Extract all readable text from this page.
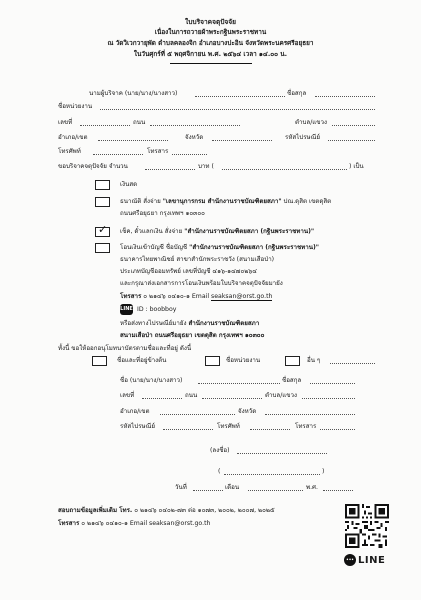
ใบบริจาคจตุปัจจัย
เนื่องในการถวายผ้าพระกฐินพระราชทาน
ณ วัดวิเวกวายุพัด ตำบลคลองจิก อำเภอบางปะอิน จังหวัดพระนครศรีอยุธยา
ในวันศุกร์ที่ ๕ พฤศจิกายน พ.ศ. ๒๕๖๔ เวลา ๑๔.๐๐ น.
นามผู้บริจาค (นาย/นาง/นางสาว)	ชื่อสกุล
ชื่อหน่วยงาน
เลขที่	ถนน	ตำบล/แขวง
อำเภอ/เขต	จังหวัด	รหัสไปรษณีย์
โทรศัพท์	โทรสาร
ขอบริจาคจตุปัจจัย จำนวน	บาท (	) เป็น
เงินสด
ธนาณัติ สั่งจ่าย "เลขานุการกรม สำนักงานราชบัณฑิตยสภา" ปณ.ดุสิต เขตดุสิต
ถนนศรีอยุธยา กรุงเทพฯ ๑๐๓๐๐
✓ เช็ค, ดั๋วแลกเงิน สั่งจ่าย "สำนักงานราชบัณฑิตยสภา (กฐินพระราชทาน)"
โอนเงินเข้าบัญชี ชื่อบัญชี "สำนักงานราชบัณฑิตยสภา (กฐินพระราชทาน)"
ธนาคารไทยพาณิชย์ สาขาสำนักพระราชวัง (สนามเสือป่า)
ประเภทบัญชีออมทรัพย์ เลขที่บัญชี ๔๑๖-๑๔๗๐๒๖๔
และกรุณาส่งเอกสารการโอนเงินพร้อมใบบริจาคจตุปัจจัยมายัง
โทรสาร ๐ ๒๑๔๖ ๐๔๑๐-๑ Email seaksan@orst.go.th
LINE ID : boobboy
หรือส่งทางไปรษณีย์มายัง สำนักงานราชบัณฑิตยสภา
สนามเสือป่า ถนนศรีอยุธยา เขตดุสิต กรุงเทพฯ ๑๐๓๐๐
ทั้งนี้ ขอให้ออกอนุโมทนาบัตรตามชื่อและที่อยู่ ดังนี้
ชื่อและที่อยู่ข้างต้น	ชื่อหน่วยงาน	อื่น ๆ
ชื่อ (นาย/นาง/นางสาว)	ชื่อสกุล
เลขที่	ถนน	ตำบล/แขวง
อำเภอ/เขต	จังหวัด
รหัสไปรษณีย์	โทรศัพท์	โทรสาร
(ลงชื่อ)
(	)
วันที่	เดือน	พ.ศ.
สอบถามข้อมูลเพิ่มเติม โทร. ๐ ๒๑๔๖ ๐๔๐๒-๗๓ ต่อ ๑๐๗๓, ๒๐๐๒, ๒๐๐๗, ๒๐๒๕
โทรสาร ๐ ๒๑๔๖ ๐๔๑๐-๑ Email seaksan@orst.go.th
••• LINE
